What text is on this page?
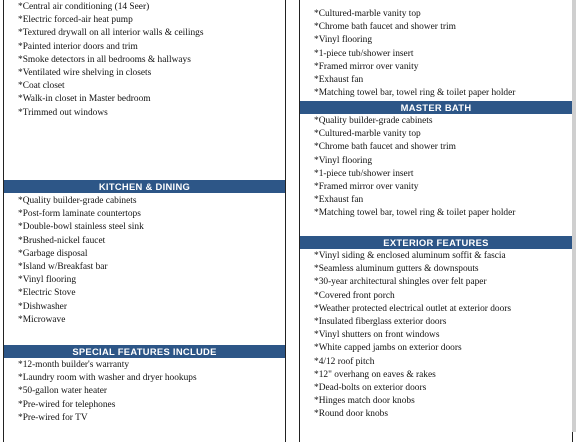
*Central air conditioning (14 Seer)
*Electric forced-air heat pump
*Textured drywall on all interior walls & ceilings
*Painted interior doors and trim
*Smoke detectors in all bedrooms & hallways
*Ventilated wire shelving in closets
*Coat closet
*Walk-in closet in Master bedroom
*Trimmed out windows
KITCHEN & DINING
*Quality builder-grade cabinets
*Post-form laminate countertops
*Double-bowl stainless steel sink
*Brushed-nickel faucet
*Garbage disposal
*Island w/Breakfast bar
*Vinyl flooring
*Electric Stove
*Dishwasher
*Microwave
SPECIAL FEATURES INCLUDE
*12-month builder's warranty
*Laundry room with washer and dryer hookups
*50-gallon water heater
*Pre-wired for telephones
*Pre-wired for TV
*Cultured-marble vanity top
*Chrome bath faucet and shower trim
*Vinyl flooring
*1-piece tub/shower insert
*Framed mirror over vanity
*Exhaust fan
*Matching towel bar, towel ring & toilet paper holder
MASTER BATH
*Quality builder-grade cabinets
*Cultured-marble vanity top
*Chrome bath faucet and shower trim
*Vinyl flooring
*1-piece tub/shower insert
*Framed mirror over vanity
*Exhaust fan
*Matching towel bar, towel ring & toilet paper holder
EXTERIOR FEATURES
*Vinyl siding & enclosed aluminum soffit & fascia
*Seamless aluminum gutters & downspouts
*30-year architectural shingles over felt paper
*Covered front porch
*Weather protected electrical outlet at exterior doors
*Insulated fiberglass exterior doors
*Vinyl shutters on front windows
*White capped jambs on exterior doors
*4/12 roof pitch
*12" overhang on eaves & rakes
*Dead-bolts on exterior doors
*Hinges match door knobs
*Round door knobs
